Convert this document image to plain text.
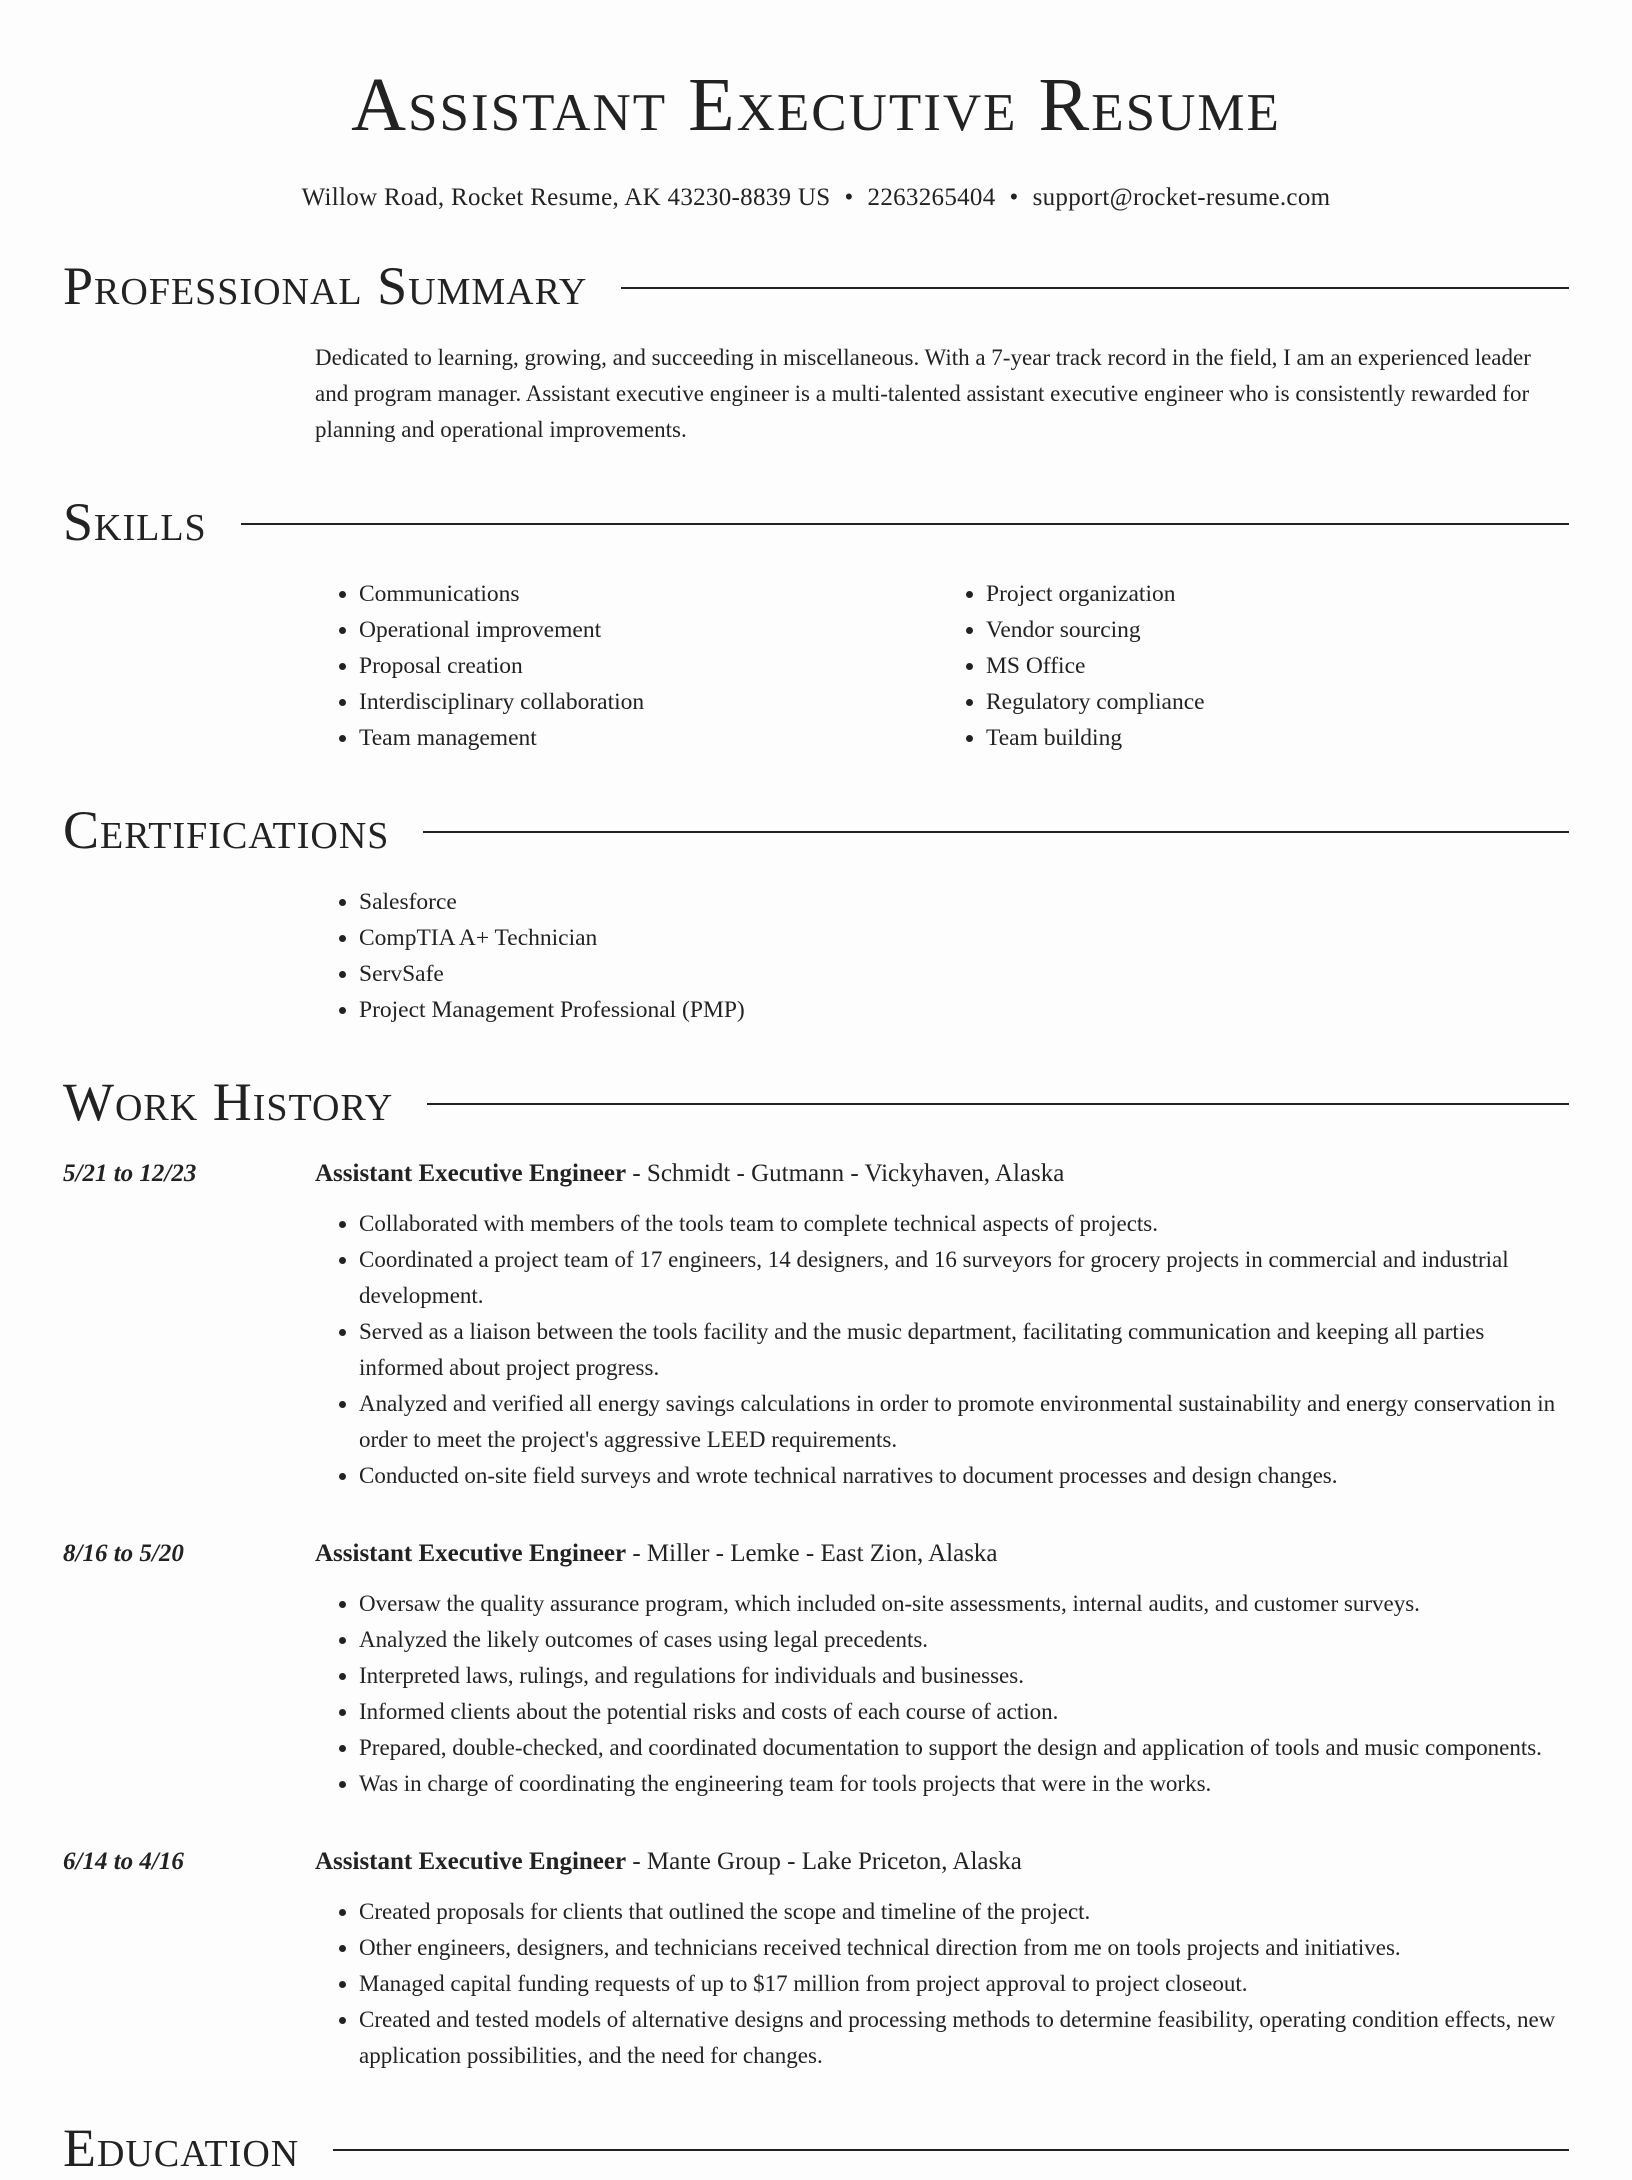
Assistant Executive Resume
Willow Road, Rocket Resume, AK 43230-8839 US • 2263265404 • support@rocket-resume.com
Professional Summary
Dedicated to learning, growing, and succeeding in miscellaneous. With a 7-year track record in the field, I am an experienced leader and program manager. Assistant executive engineer is a multi-talented assistant executive engineer who is consistently rewarded for planning and operational improvements.
Skills
• Communications
• Operational improvement
• Proposal creation
• Interdisciplinary collaboration
• Team management
• Project organization
• Vendor sourcing
• MS Office
• Regulatory compliance
• Team building
Certifications
• Salesforce
• CompTIA A+ Technician
• ServSafe
• Project Management Professional (PMP)
Work History
5/21 to 12/23	Assistant Executive Engineer - Schmidt - Gutmann - Vickyhaven, Alaska
• Collaborated with members of the tools team to complete technical aspects of projects.
• Coordinated a project team of 17 engineers, 14 designers, and 16 surveyors for grocery projects in commercial and industrial development.
• Served as a liaison between the tools facility and the music department, facilitating communication and keeping all parties informed about project progress.
• Analyzed and verified all energy savings calculations in order to promote environmental sustainability and energy conservation in order to meet the project's aggressive LEED requirements.
• Conducted on-site field surveys and wrote technical narratives to document processes and design changes.
8/16 to 5/20	Assistant Executive Engineer - Miller - Lemke - East Zion, Alaska
• Oversaw the quality assurance program, which included on-site assessments, internal audits, and customer surveys.
• Analyzed the likely outcomes of cases using legal precedents.
• Interpreted laws, rulings, and regulations for individuals and businesses.
• Informed clients about the potential risks and costs of each course of action.
• Prepared, double-checked, and coordinated documentation to support the design and application of tools and music components.
• Was in charge of coordinating the engineering team for tools projects that were in the works.
6/14 to 4/16	Assistant Executive Engineer - Mante Group - Lake Priceton, Alaska
• Created proposals for clients that outlined the scope and timeline of the project.
• Other engineers, designers, and technicians received technical direction from me on tools projects and initiatives.
• Managed capital funding requests of up to $17 million from project approval to project closeout.
• Created and tested models of alternative designs and processing methods to determine feasibility, operating condition effects, new application possibilities, and the need for changes.
Education
